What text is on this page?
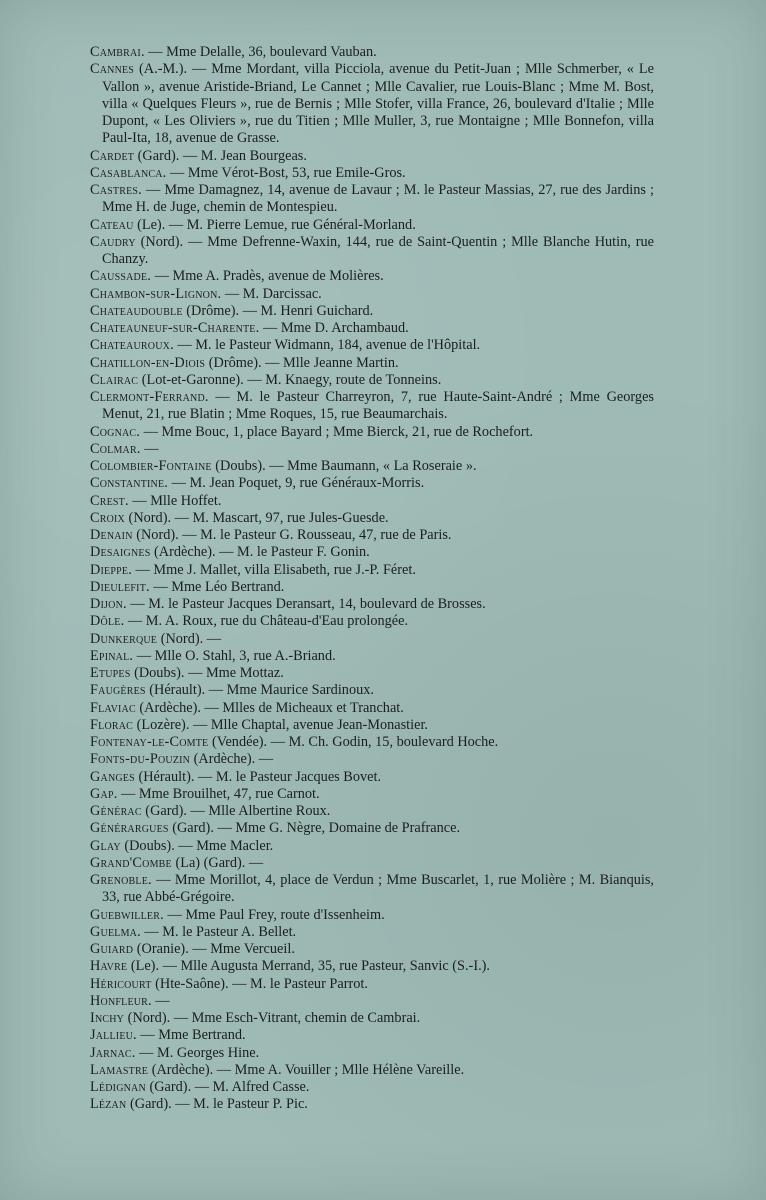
Cambrai. — Mme Delalle, 36, boulevard Vauban.
Cannes (A.-M.). — Mme Mordant, villa Picciola, avenue du Petit-Juan ; Mlle Schmerber, « Le Vallon », avenue Aristide-Briand, Le Cannet ; Mlle Cavalier, rue Louis-Blanc ; Mme M. Bost, villa « Quelques Fleurs », rue de Bernis ; Mlle Stofer, villa France, 26, boulevard d'Italie ; Mlle Dupont, « Les Oliviers », rue du Titien ; Mlle Muller, 3, rue Montaigne ; Mlle Bonnefon, villa Paul-Ita, 18, avenue de Grasse.
Cardet (Gard). — M. Jean Bourgeas.
Casablanca. — Mme Vérot-Bost, 53, rue Emile-Gros.
Castres. — Mme Damagnez, 14, avenue de Lavaur ; M. le Pasteur Massias, 27, rue des Jardins ; Mme H. de Juge, chemin de Montespieu.
Cateau (Le). — M. Pierre Lemue, rue Général-Morland.
Caudry (Nord). — Mme Defrenne-Waxin, 144, rue de Saint-Quentin ; Mlle Blanche Hutin, rue Chanzy.
Caussade. — Mme A. Pradès, avenue de Molières.
Chambon-sur-Lignon. — M. Darcissac.
Chateaudouble (Drôme). — M. Henri Guichard.
Chateauneuf-sur-Charente. — Mme D. Archambaud.
Chateauroux. — M. le Pasteur Widmann, 184, avenue de l'Hôpital.
Chatillon-en-Diois (Drôme). — Mlle Jeanne Martin.
Clairac (Lot-et-Garonne). — M. Knaegy, route de Tonneins.
Clermont-Ferrand. — M. le Pasteur Charreyron, 7, rue Haute-Saint-André ; Mme Georges Menut, 21, rue Blatin ; Mme Roques, 15, rue Beaumarchais.
Cognac. — Mme Bouc, 1, place Bayard ; Mme Bierck, 21, rue de Rochefort.
Colmar. —
Colombier-Fontaine (Doubs). — Mme Baumann, « La Roseraie ».
Constantine. — M. Jean Poquet, 9, rue Généraux-Morris.
Crest. — Mlle Hoffet.
Croix (Nord). — M. Mascart, 97, rue Jules-Guesde.
Denain (Nord). — M. le Pasteur G. Rousseau, 47, rue de Paris.
Desaignes (Ardèche). — M. le Pasteur F. Gonin.
Dieppe. — Mme J. Mallet, villa Elisabeth, rue J.-P. Féret.
Dieulefit. — Mme Léo Bertrand.
Dijon. — M. le Pasteur Jacques Deransart, 14, boulevard de Brosses.
Dôle. — M. A. Roux, rue du Château-d'Eau prolongée.
Dunkerque (Nord). —
Epinal. — Mlle O. Stahl, 3, rue A.-Briand.
Etupes (Doubs). — Mme Mottaz.
Faugères (Hérault). — Mme Maurice Sardinoux.
Flaviac (Ardèche). — Mlles de Micheaux et Tranchat.
Florac (Lozère). — Mlle Chaptal, avenue Jean-Monastier.
Fontenay-le-Comte (Vendée). — M. Ch. Godin, 15, boulevard Hoche.
Fonts-du-Pouzin (Ardèche). —
Ganges (Hérault). — M. le Pasteur Jacques Bovet.
Gap. — Mme Brouilhet, 47, rue Carnot.
Générac (Gard). — Mlle Albertine Roux.
Générargues (Gard). — Mme G. Nègre, Domaine de Prafrance.
Glay (Doubs). — Mme Macler.
Grand'Combe (La) (Gard). —
Grenoble. — Mme Morillot, 4, place de Verdun ; Mme Buscarlet, 1, rue Molière ; M. Bianquis, 33, rue Abbé-Grégoire.
Guebwiller. — Mme Paul Frey, route d'Issenheim.
Guelma. — M. le Pasteur A. Bellet.
Guiard (Oranie). — Mme Vercueil.
Havre (Le). — Mlle Augusta Merrand, 35, rue Pasteur, Sanvic (S.-I.).
Héricourt (Hte-Saône). — M. le Pasteur Parrot.
Honfleur. —
Inchy (Nord). — Mme Esch-Vitrant, chemin de Cambrai.
Jallieu. — Mme Bertrand.
Jarnac. — M. Georges Hine.
Lamastre (Ardèche). — Mme A. Vouiller ; Mlle Hélène Vareille.
Lédignan (Gard). — M. Alfred Casse.
Lézan (Gard). — M. le Pasteur P. Pic.
